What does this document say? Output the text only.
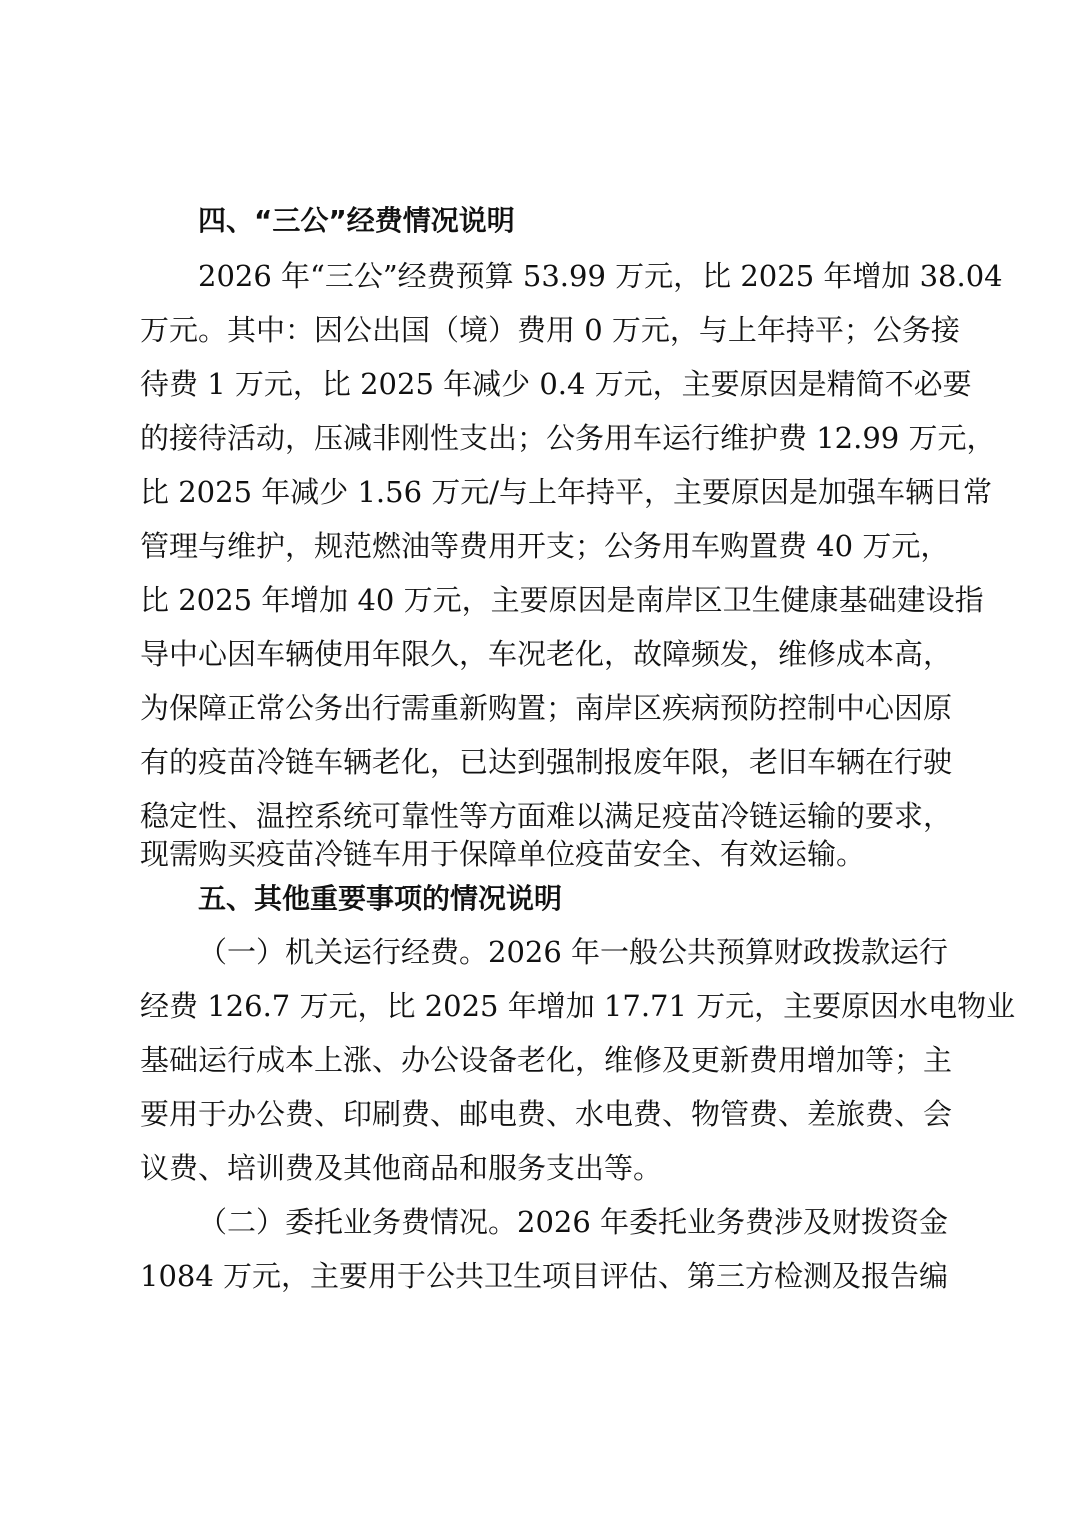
四、“三公”经费情况说明
2026 年“三公”经费预算 53.99 万元，比 2025 年增加 38.04
万元。其中：因公出国（境）费用 0 万元，与上年持平；公务接
待费 1 万元，比 2025 年减少 0.4 万元，主要原因是精简不必要
的接待活动，压减非刚性支出；公务用车运行维护费 12.99 万元，
比 2025 年减少 1.56 万元/与上年持平，主要原因是加强车辆日常
管理与维护，规范燃油等费用开支；公务用车购置费 40 万元，
比 2025 年增加 40 万元，主要原因是南岸区卫生健康基础建设指
导中心因车辆使用年限久，车况老化，故障频发，维修成本高，
为保障正常公务出行需重新购置；南岸区疾病预防控制中心因原
有的疫苗冷链车辆老化，已达到强制报废年限，老旧车辆在行驶
稳定性、温控系统可靠性等方面难以满足疫苗冷链运输的要求，
现需购买疫苗冷链车用于保障单位疫苗安全、有效运输。
五、其他重要事项的情况说明
（一）机关运行经费。2026 年一般公共预算财政拨款运行
经费 126.7 万元，比 2025 年增加 17.71 万元，主要原因水电物业
基础运行成本上涨、办公设备老化，维修及更新费用增加等；主
要用于办公费、印刷费、邮电费、水电费、物管费、差旅费、会
议费、培训费及其他商品和服务支出等。
（二）委托业务费情况。2026 年委托业务费涉及财拨资金
1084 万元，主要用于公共卫生项目评估、第三方检测及报告编
